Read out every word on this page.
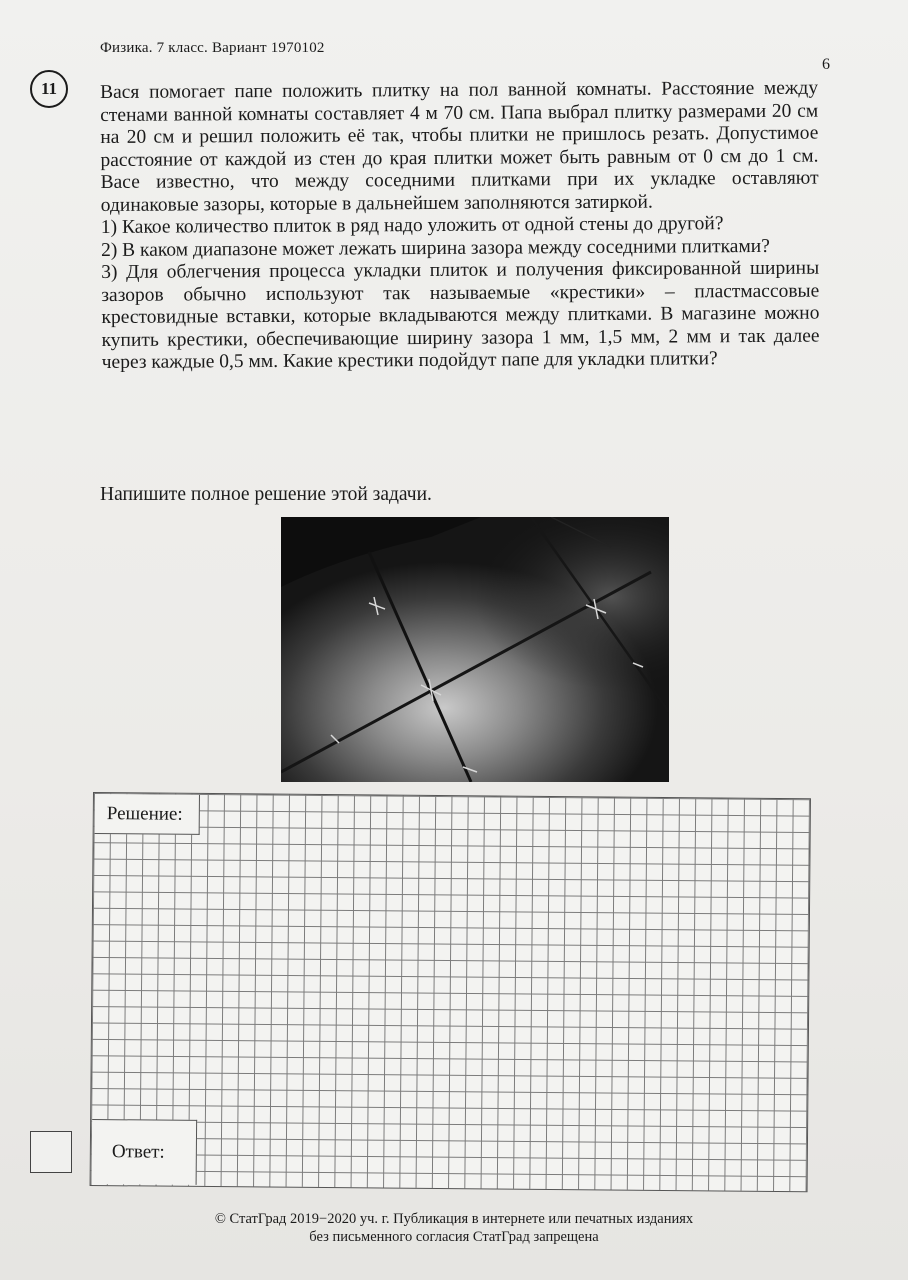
Физика. 7 класс. Вариант 1970102
6
11	Вася помогает папе положить плитку на пол ванной комнаты. Расстояние между стенами ванной комнаты составляет 4 м 70 см. Папа выбрал плитку размерами 20 см на 20 см и решил положить её так, чтобы плитки не пришлось резать. Допустимое расстояние от каждой из стен до края плитки может быть равным от 0 см до 1 см. Васе известно, что между соседними плитками при их укладке оставляют одинаковые зазоры, которые в дальнейшем заполняются затиркой.

1) Какое количество плиток в ряд надо уложить от одной стены до другой?

2) В каком диапазоне может лежать ширина зазора между соседними плитками?

3) Для облегчения процесса укладки плиток и получения фиксированной ширины зазоров обычно используют так называемые «крестики» – пластмассовые крестовидные вставки, которые вкладываются между плитками. В магазине можно купить крестики, обеспечивающие ширину зазора 1 мм, 1,5 мм, 2 мм и так далее через каждые 0,5 мм. Какие крестики подойдут папе для укладки плитки?

Напишите полное решение этой задачи.
Решение:
Ответ:
© СтатГрад 2019−2020 уч. г. Публикация в интернете или печатных изданиях
без письменного согласия СтатГрад запрещена
